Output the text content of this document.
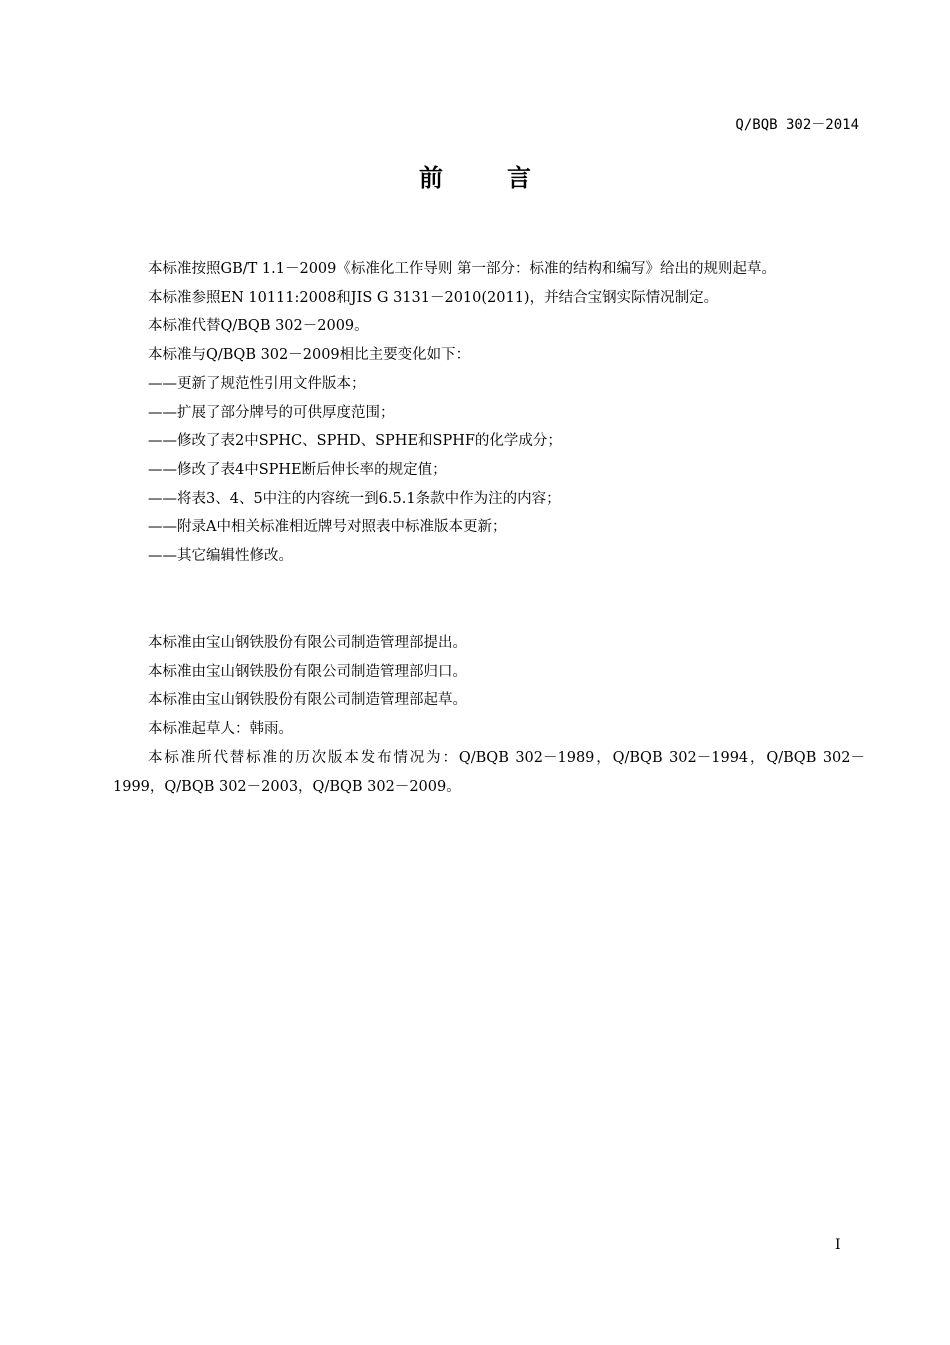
Q/BQB 302－2014
前言
本标准按照GB/T 1.1－2009《标准化工作导则 第一部分：标准的结构和编写》给出的规则起草。
本标准参照EN 10111:2008和JIS G 3131－2010(2011)，并结合宝钢实际情况制定。
本标准代替Q/BQB 302－2009。
本标准与Q/BQB 302－2009相比主要变化如下：
——更新了规范性引用文件版本；
——扩展了部分牌号的可供厚度范围；
——修改了表2中SPHC、SPHD、SPHE和SPHF的化学成分；
——修改了表4中SPHE断后伸长率的规定值；
——将表3、4、5中注的内容统一到6.5.1条款中作为注的内容；
——附录A中相关标准相近牌号对照表中标准版本更新；
——其它编辑性修改。
本标准由宝山钢铁股份有限公司制造管理部提出。
本标准由宝山钢铁股份有限公司制造管理部归口。
本标准由宝山钢铁股份有限公司制造管理部起草。
本标准起草人：韩雨。
本标准所代替标准的历次版本发布情况为：Q/BQB 302－1989，Q/BQB 302－1994，Q/BQB 302－1999，Q/BQB 302－2003，Q/BQB 302－2009。
I
